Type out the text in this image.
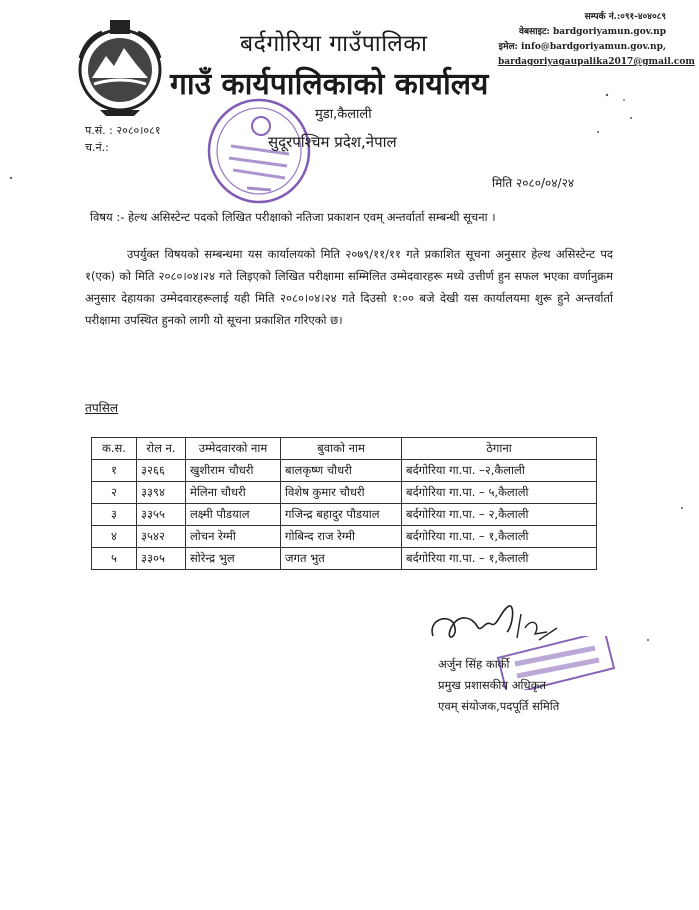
बर्दगोरिया गाउँपालिका
गाउँ कार्यपालिकाको कार्यालय
सम्पर्क नं.:०९१-४०४०८९
वेबसाइट: bardgoriyamun.gov.np
इमेल: info@bardgoriyamun.gov.np,
bardagoriyagaupalika2017@gmail.com
प.सं. : २०८०।०८१
च.नं.:
मुडा,कैलाली
सुदूरपश्चिम प्रदेश,नेपाल
मिति २०८०/०४/२४
विषय :- हेल्थ असिस्टेन्ट पदको लिखित परीक्षाको नतिजा प्रकाशन एवम् अन्तर्वार्ता सम्बन्धी सूचना ।
उपर्युक्त विषयको सम्बन्धमा यस कार्यालयको मिति २०७९/११/११ गते प्रकाशित सूचना अनुसार हेल्थ असिस्टेन्ट पद १(एक) को मिति २०८०।०४।२४ गते लिइएको लिखित परीक्षामा सम्मिलित उम्मेदवारहरू मध्ये उत्तीर्ण हुन सफल भएका वर्णानुक्रम अनुसार देहायका उम्मेदवारहरूलाई यही मिति २०८०।०४।२४ गते दिउसो १:०० बजे देखी यस कार्यालयमा शुरू हुने अन्तर्वार्ता परीक्षामा उपस्थित हुनको लागी यो सूचना प्रकाशित गरिएको छ।
तपसिल
क.स.	रोल न.	उम्मेदवारको नाम	बुवाको नाम	ठेगाना
१	३२६६	खुशीराम चौधरी	बालकृष्ण चौधरी	बर्दगोरिया गा.पा. –२,कैलाली
२	३३९४	मेलिना चौधरी	विशेष कुमार चौधरी	बर्दगोरिया गा.पा. – ५,कैलाली
३	३३५५	लक्ष्मी पौडयाल	गजिन्द्र बहादुर पौडयाल	बर्दगोरिया गा.पा. – २,कैलाली
४	३५४२	लोचन रेग्मी	गोबिन्द राज रेग्मी	बर्दगोरिया गा.पा. – १,कैलाली
५	३३०५	सोरेन्द्र भुल	जगत भुत	बर्दगोरिया गा.पा. – १,कैलाली
अर्जुन सिंह कार्की
प्रमुख प्रशासकीय अधिकृत
एवम् संयोजक,पदपूर्ति समिति
